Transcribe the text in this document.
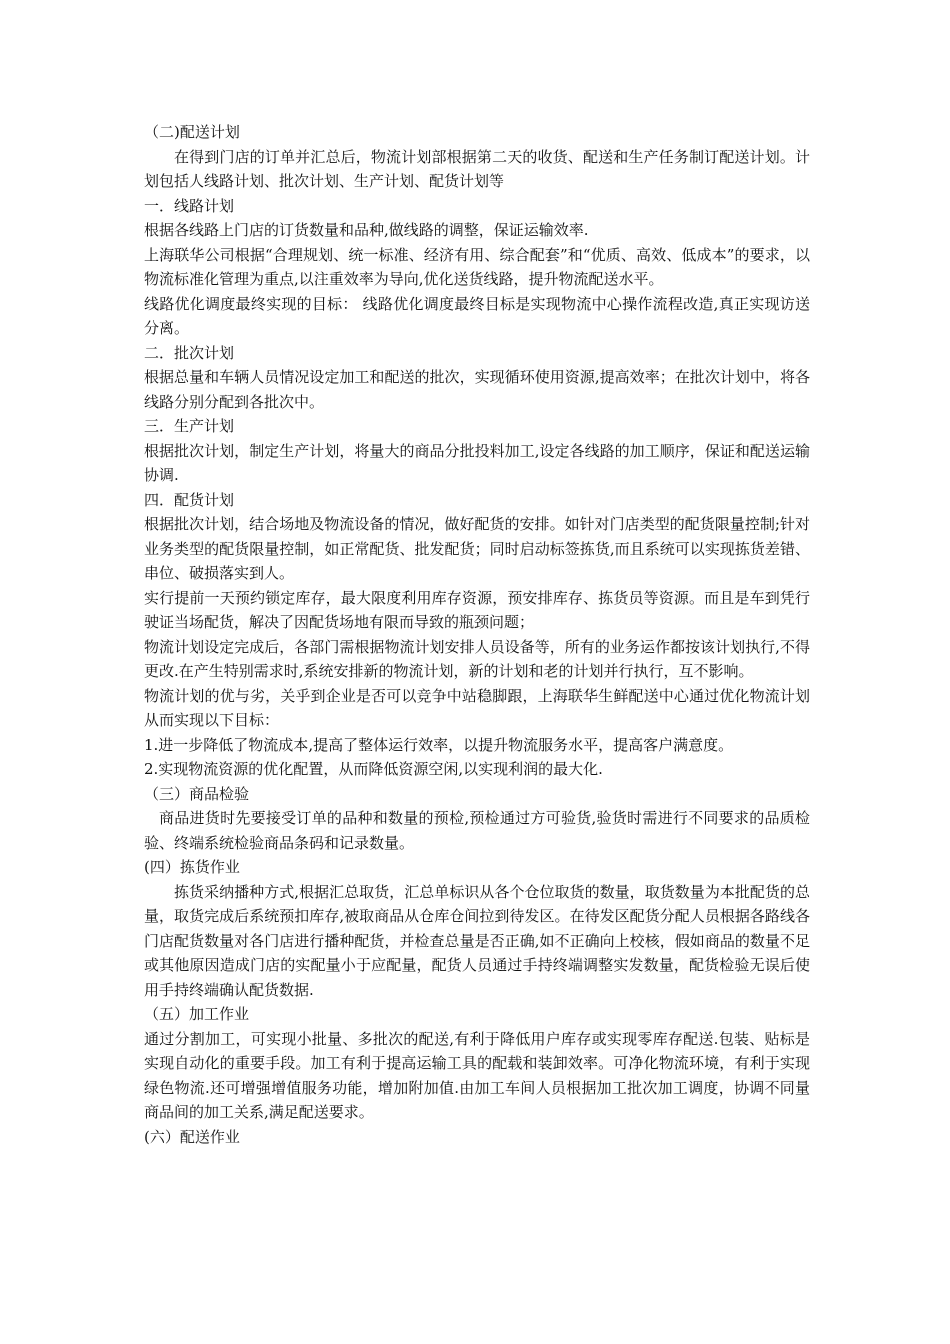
（二)配送计划

在得到门店的订单并汇总后，物流计划部根据第二天的收货、配送和生产任务制订配送计划。计划包括人线路计划、批次计划、生产计划、配货计划等

一．线路计划

根据各线路上门店的订货数量和品种,做线路的调整，保证运输效率.

上海联华公司根据“合理规划、统一标准、经济有用、综合配套”和“优质、高效、低成本”的要求，以物流标准化管理为重点,以注重效率为导向,优化送货线路，提升物流配送水平。

线路优化调度最终实现的目标： 线路优化调度最终目标是实现物流中心操作流程改造,真正实现访送分离。

二．批次计划

根据总量和车辆人员情况设定加工和配送的批次，实现循环使用资源,提高效率；在批次计划中，将各线路分别分配到各批次中。

三．生产计划

根据批次计划，制定生产计划，将量大的商品分批投料加工,设定各线路的加工顺序，保证和配送运输协调.

四．配货计划

根据批次计划，结合场地及物流设备的情况，做好配货的安排。如针对门店类型的配货限量控制;针对业务类型的配货限量控制，如正常配货、批发配货；同时启动标签拣货,而且系统可以实现拣货差错、串位、破损落实到人。

实行提前一天预约锁定库存，最大限度利用库存资源，预安排库存、拣货员等资源。而且是车到凭行驶证当场配货，解决了因配货场地有限而导致的瓶颈问题；

物流计划设定完成后，各部门需根据物流计划安排人员设备等，所有的业务运作都按该计划执行,不得更改.在产生特别需求时,系统安排新的物流计划，新的计划和老的计划并行执行，互不影响。

物流计划的优与劣，关乎到企业是否可以竞争中站稳脚跟，上海联华生鲜配送中心通过优化物流计划从而实现以下目标：

1.进一步降低了物流成本,提高了整体运行效率，以提升物流服务水平，提高客户满意度。

2.实现物流资源的优化配置，从而降低资源空闲,以实现利润的最大化.

（三）商品检验

商品进货时先要接受订单的品种和数量的预检,预检通过方可验货,验货时需进行不同要求的品质检验、终端系统检验商品条码和记录数量。

(四）拣货作业

拣货采纳播种方式,根据汇总取货，汇总单标识从各个仓位取货的数量，取货数量为本批配货的总量，取货完成后系统预扣库存,被取商品从仓库仓间拉到待发区。在待发区配货分配人员根据各路线各门店配货数量对各门店进行播种配货，并检查总量是否正确,如不正确向上校核，假如商品的数量不足或其他原因造成门店的实配量小于应配量，配货人员通过手持终端调整实发数量，配货检验无误后使用手持终端确认配货数据.

（五）加工作业

通过分割加工，可实现小批量、多批次的配送,有利于降低用户库存或实现零库存配送.包装、贴标是实现自动化的重要手段。加工有利于提高运输工具的配载和装卸效率。可净化物流环境，有利于实现绿色物流.还可增强增值服务功能，增加附加值.由加工车间人员根据加工批次加工调度，协调不同量商品间的加工关系,满足配送要求。

(六）配送作业
